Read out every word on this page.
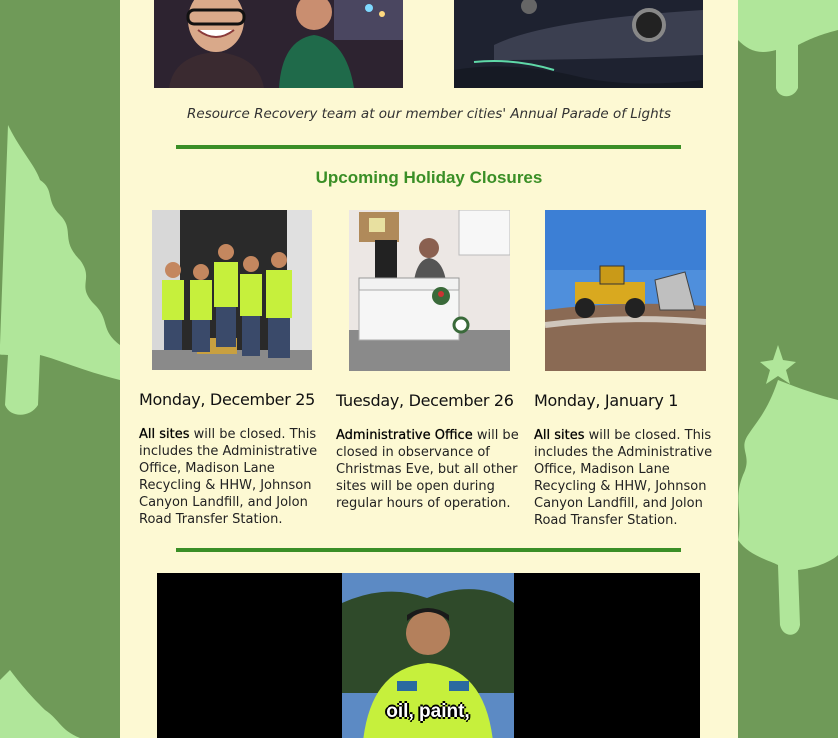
Resource Recovery team at our member cities' Annual Parade of Lights
Upcoming Holiday Closures
Monday, December 25

All sites will be closed. This includes the Administrative Office, Madison Lane Recycling & HHW, Johnson Canyon Landfill, and Jolon Road Transfer Station.

Tuesday, December 26

Administrative Office will be closed in observance of Christmas Eve, but all other sites will be open during regular hours of operation.

Monday, January 1

All sites will be closed. This includes the Administrative Office, Madison Lane Recycling & HHW, Johnson Canyon Landfill, and Jolon Road Transfer Station.

oil, paint,
